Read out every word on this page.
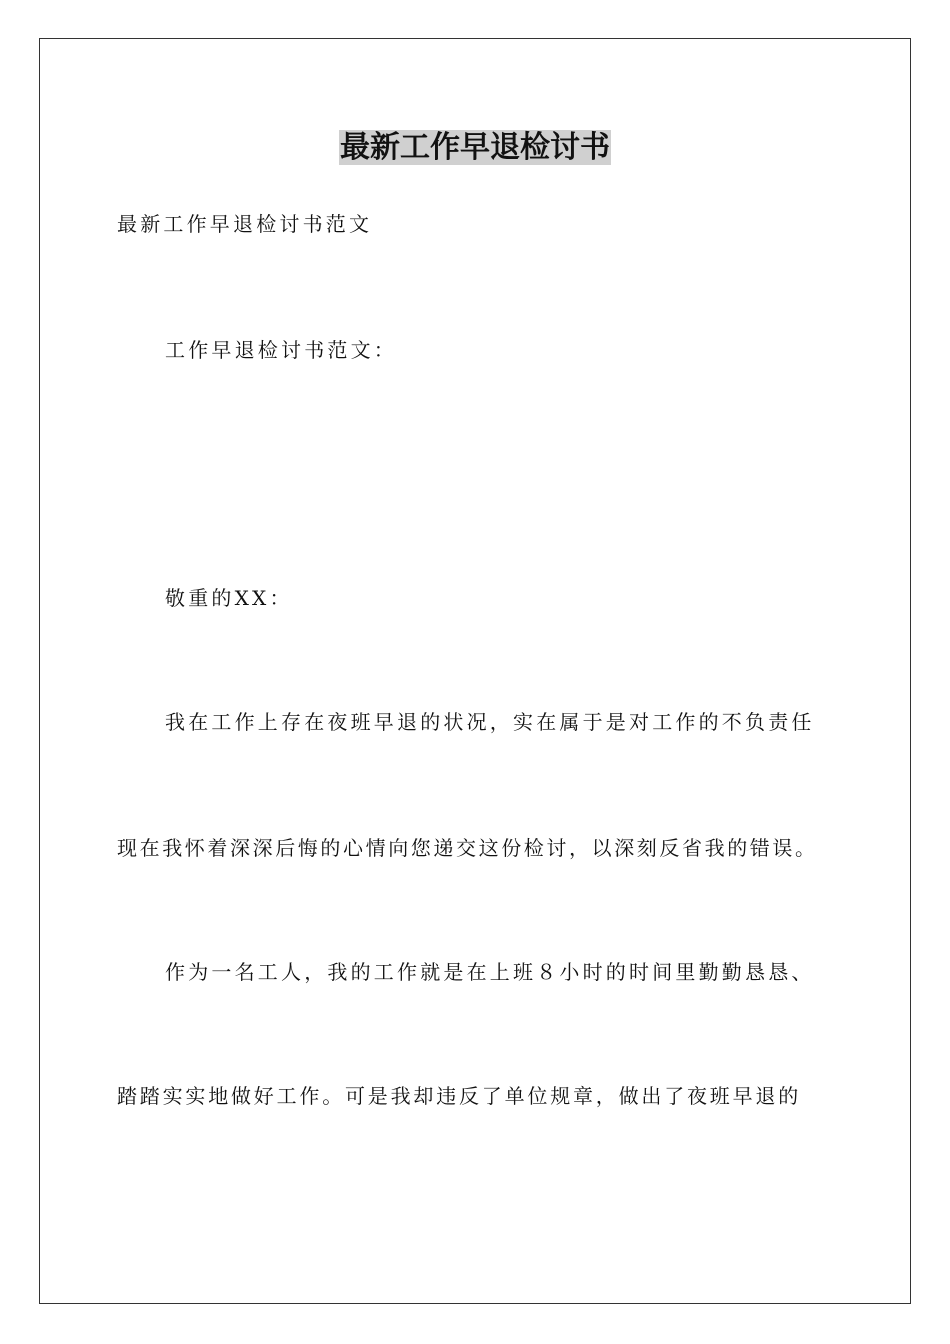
最新工作早退检讨书
最新工作早退检讨书范文
工作早退检讨书范文：
敬重的XX：
我在工作上存在夜班早退的状况，实在属于是对工作的不负责任
现在我怀着深深后悔的心情向您递交这份检讨，以深刻反省我的错误。
作为一名工人，我的工作就是在上班８小时的时间里勤勤恳恳、
踏踏实实地做好工作。可是我却违反了单位规章，做出了夜班早退的
